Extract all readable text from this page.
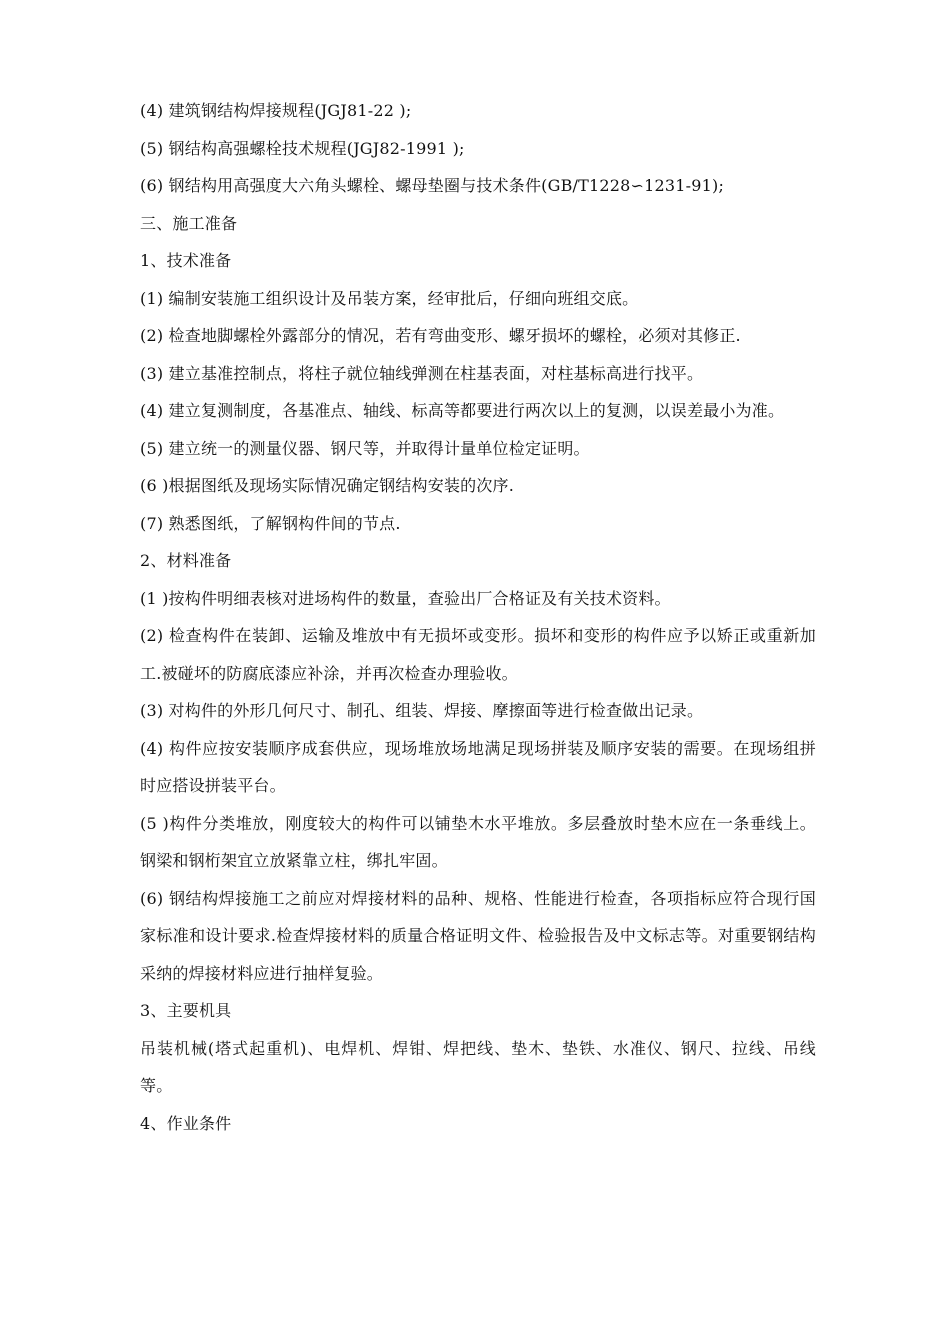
(4) 建筑钢结构焊接规程(JGJ81-22 );

(5) 钢结构高强螺栓技术规程(JGJ82-1991 );

(6) 钢结构用高强度大六角头螺栓、螺母垫圈与技术条件(GB/T1228∽1231-91);

三、施工准备

1、技术准备

(1) 编制安装施工组织设计及吊装方案，经审批后，仔细向班组交底。

(2) 检查地脚螺栓外露部分的情况，若有弯曲变形、螺牙损坏的螺栓，必须对其修正.

(3) 建立基准控制点，将柱子就位轴线弹测在柱基表面，对柱基标高进行找平。

(4) 建立复测制度，各基准点、轴线、标高等都要进行两次以上的复测，以误差最小为准。

(5) 建立统一的测量仪器、钢尺等，并取得计量单位检定证明。

(6 )根据图纸及现场实际情况确定钢结构安装的次序.

(7) 熟悉图纸，了解钢构件间的节点.

2、材料准备

(1 )按构件明细表核对进场构件的数量，查验出厂合格证及有关技术资料。

(2) 检查构件在装卸、运输及堆放中有无损坏或变形。损坏和变形的构件应予以矫正或重新加工.被碰坏的防腐底漆应补涂，并再次检查办理验收。

(3) 对构件的外形几何尺寸、制孔、组装、焊接、摩擦面等进行检查做出记录。

(4) 构件应按安装顺序成套供应，现场堆放场地满足现场拼装及顺序安装的需要。在现场组拼时应搭设拼装平台。

(5 )构件分类堆放，刚度较大的构件可以铺垫木水平堆放。多层叠放时垫木应在一条垂线上。钢梁和钢桁架宜立放紧靠立柱，绑扎牢固。

(6) 钢结构焊接施工之前应对焊接材料的品种、规格、性能进行检查，各项指标应符合现行国家标准和设计要求.检查焊接材料的质量合格证明文件、检验报告及中文标志等。对重要钢结构采纳的焊接材料应进行抽样复验。

3、主要机具

吊装机械(塔式起重机)、电焊机、焊钳、焊把线、垫木、垫铁、水准仪、钢尺、拉线、吊线等。

4、作业条件
